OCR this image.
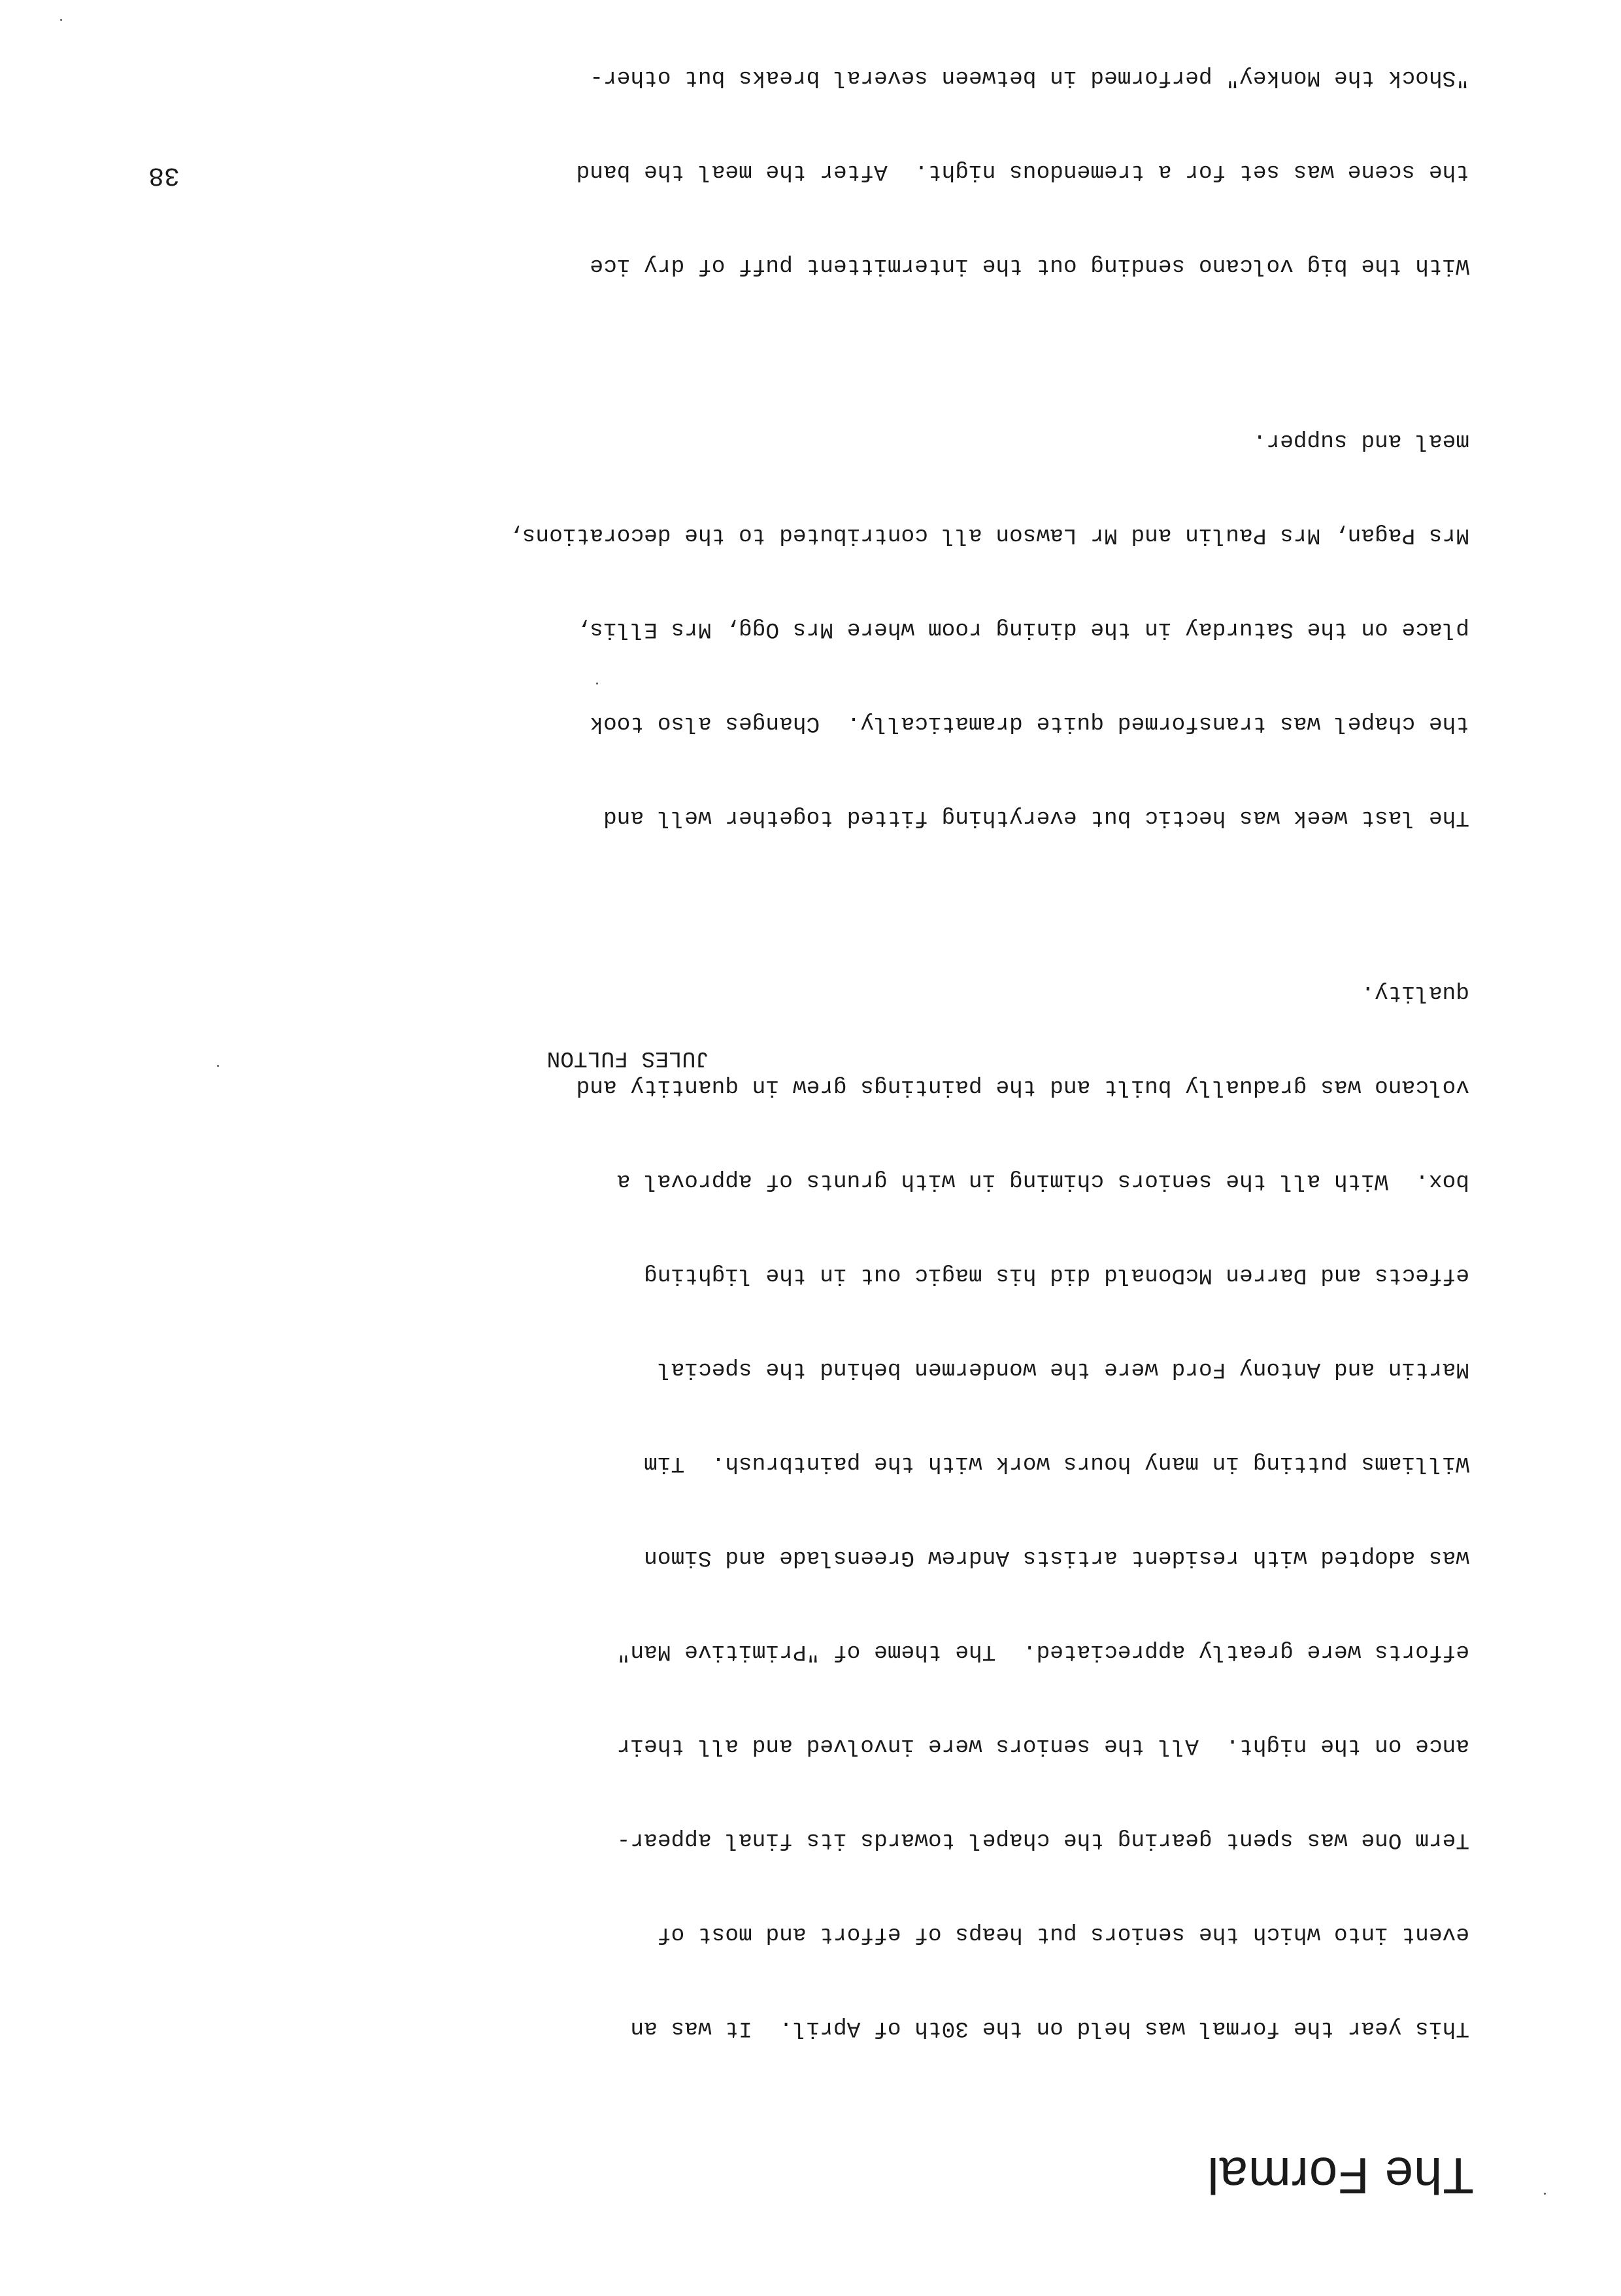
The Formal

This year the formal was held on the 30th of April.  It was an

event into which the seniors put heaps of effort and most of

Term One was spent gearing the chapel towards its final appear-

ance on the night.  All the seniors were involved and all their

efforts were greatly appreciated.  The theme of "Primitive Man"

was adopted with resident artists Andrew Greenslade and Simon

Williams putting in many hours work with the paintbrush.  Tim

Martin and Antony Ford were the wondermen behind the special

effects and Darren McDonald did his magic out in the lighting

box.  With all the seniors chiming in with grunts of approval a

volcano was gradually built and the paintings grew in quantity and

quality.

The last week was hectic but everything fitted together well and

the chapel was transformed quite dramatically.  Changes also took

place on the Saturday in the dining room where Mrs Ogg, Mrs Ellis,

Mrs Pagan, Mrs Paulin and Mr Lawson all contributed to the decorations,

meal and supper.

With the big volcano sending out the intermittent puff of dry ice

the scene was set for a tremendous night.  After the meal the band

"Shock the Monkey" performed in between several breaks but other-

JULES FULTON
38
